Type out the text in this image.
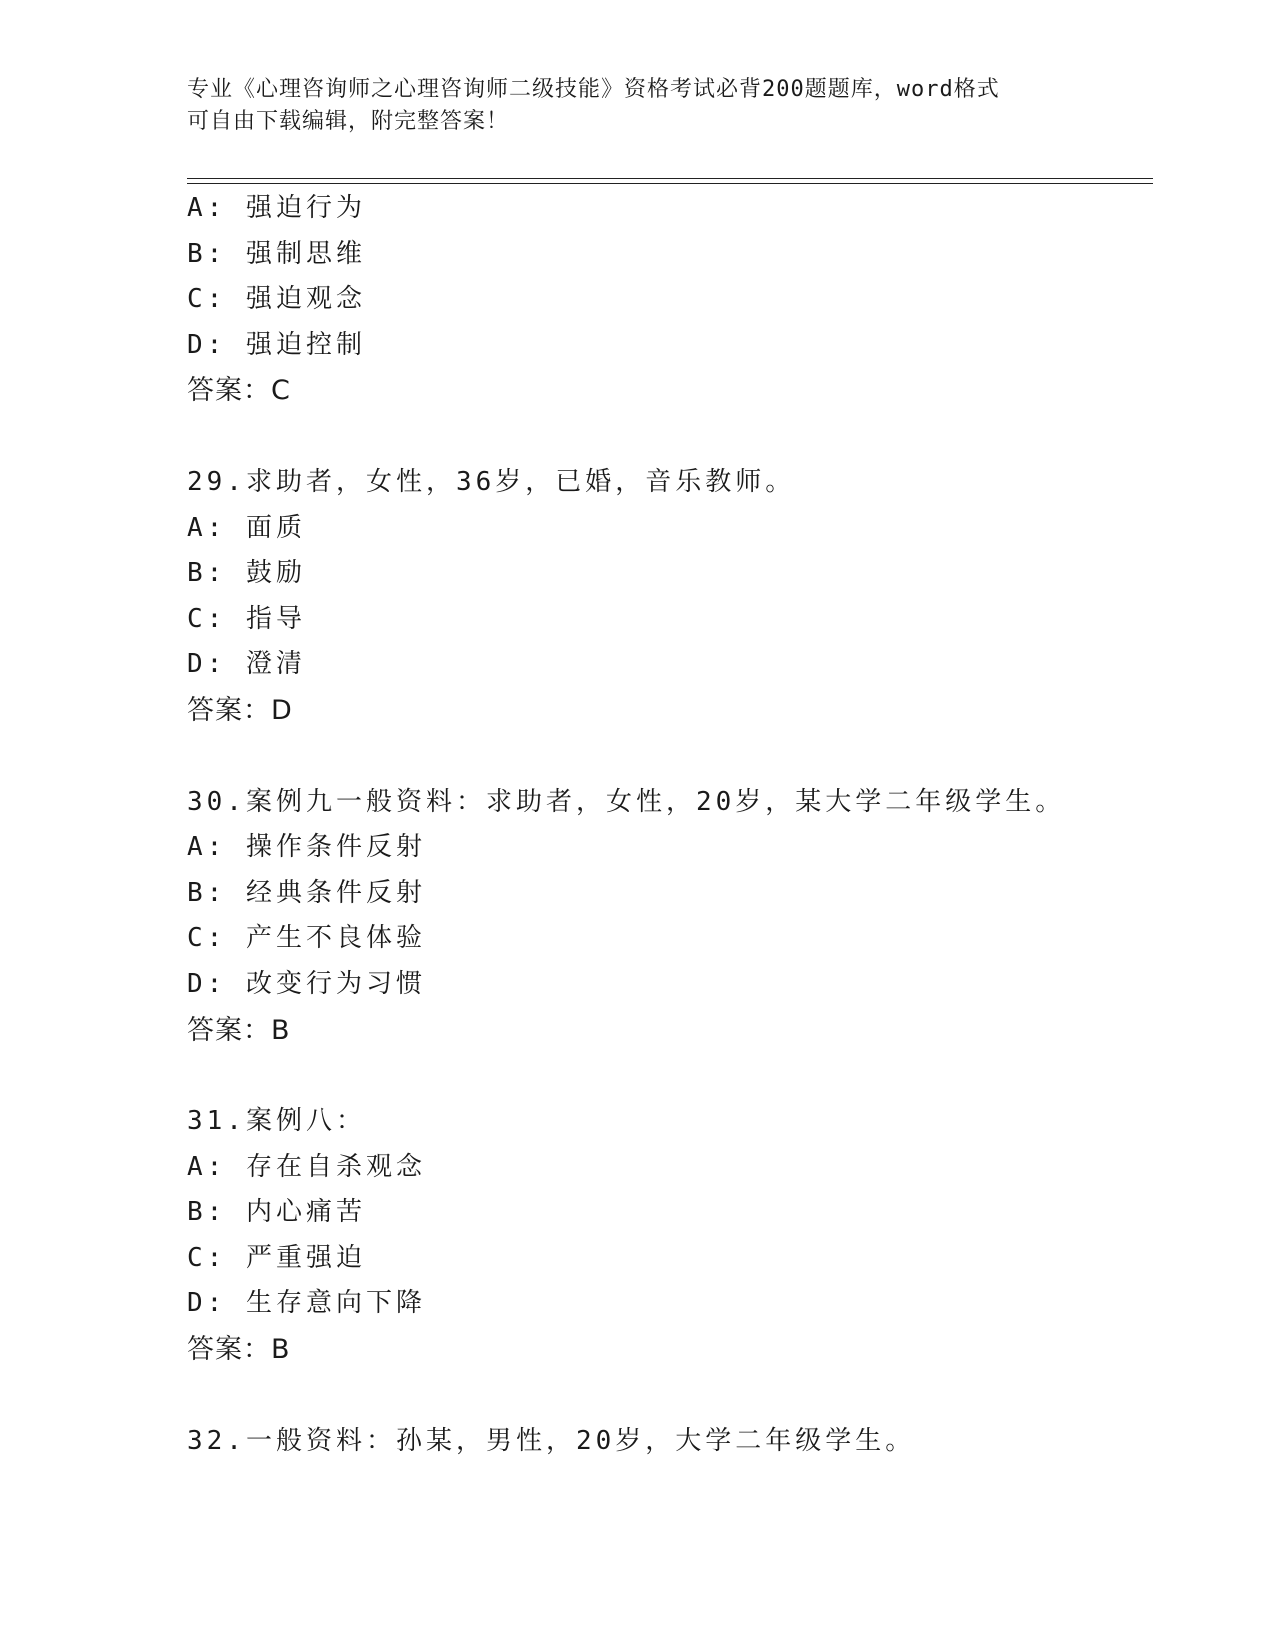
专业《心理咨询师之心理咨询师二级技能》资格考试必背200题题库，word格式
可自由下载编辑，附完整答案！
A: 强迫行为
B: 强制思维
C: 强迫观念
D: 强迫控制
答案：C
29.求助者，女性，36岁，已婚，音乐教师。
A: 面质
B: 鼓励
C: 指导
D: 澄清
答案：D
30.案例九一般资料：求助者，女性，20岁，某大学二年级学生。
A: 操作条件反射
B: 经典条件反射
C: 产生不良体验
D: 改变行为习惯
答案：B
31.案例八：
A: 存在自杀观念
B: 内心痛苦
C: 严重强迫
D: 生存意向下降
答案：B
32.一般资料：孙某，男性，20岁，大学二年级学生。
